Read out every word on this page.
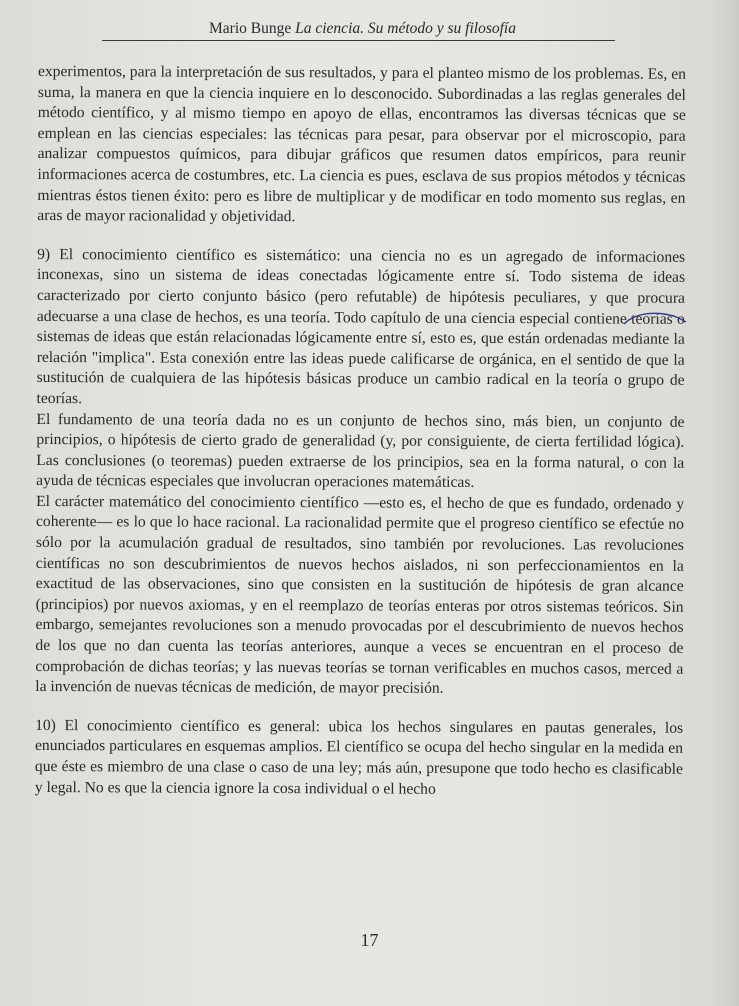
Mario Bunge La ciencia. Su método y su filosofía

experimentos, para la interpretación de sus resultados, y para el planteo mismo de los problemas. Es, en suma, la manera en que la ciencia inquiere en lo desconocido. Subordinadas a las reglas generales del método científico, y al mismo tiempo en apoyo de ellas, encontramos las diversas técnicas que se emplean en las ciencias especiales: las técnicas para pesar, para observar por el microscopio, para analizar compuestos químicos, para dibujar gráficos que resumen datos empíricos, para reunir informaciones acerca de costumbres, etc. La ciencia es pues, esclava de sus propios métodos y técnicas mientras éstos tienen éxito: pero es libre de multiplicar y de modificar en todo momento sus reglas, en aras de mayor racionalidad y objetividad.

9) El conocimiento científico es sistemático: una ciencia no es un agregado de informaciones inconexas, sino un sistema de ideas conectadas lógicamente entre sí. Todo sistema de ideas caracterizado por cierto conjunto básico (pero refutable) de hipótesis peculiares, y que procura adecuarse a una clase de hechos, es una teoría. Todo capítulo de una ciencia especial contiene teorías o sistemas de ideas que están relacionadas lógicamente entre sí, esto es, que están ordenadas mediante la relación "implica". Esta conexión entre las ideas puede calificarse de orgánica, en el sentido de que la sustitución de cualquiera de las hipótesis básicas produce un cambio radical en la teoría o grupo de teorías.

El fundamento de una teoría dada no es un conjunto de hechos sino, más bien, un conjunto de principios, o hipótesis de cierto grado de generalidad (y, por consiguiente, de cierta fertilidad lógica). Las conclusiones (o teoremas) pueden extraerse de los principios, sea en la forma natural, o con la ayuda de técnicas especiales que involucran operaciones matemáticas.

El carácter matemático del conocimiento científico —esto es, el hecho de que es fundado, ordenado y coherente— es lo que lo hace racional. La racionalidad permite que el progreso científico se efectúe no sólo por la acumulación gradual de resultados, sino también por revoluciones. Las revoluciones científicas no son descubrimientos de nuevos hechos aislados, ni son perfeccionamientos en la exactitud de las observaciones, sino que consisten en la sustitución de hipótesis de gran alcance (principios) por nuevos axiomas, y en el reemplazo de teorías enteras por otros sistemas teóricos. Sin embargo, semejantes revoluciones son a menudo provocadas por el descubrimiento de nuevos hechos de los que no dan cuenta las teorías anteriores, aunque a veces se encuentran en el proceso de comprobación de dichas teorías; y las nuevas teorías se tornan verificables en muchos casos, merced a la invención de nuevas técnicas de medición, de mayor precisión.

10) El conocimiento científico es general: ubica los hechos singulares en pautas generales, los enunciados particulares en esquemas amplios. El científico se ocupa del hecho singular en la medida en que éste es miembro de una clase o caso de una ley; más aún, presupone que todo hecho es clasificable y legal. No es que la ciencia ignore la cosa individual o el hecho

17
